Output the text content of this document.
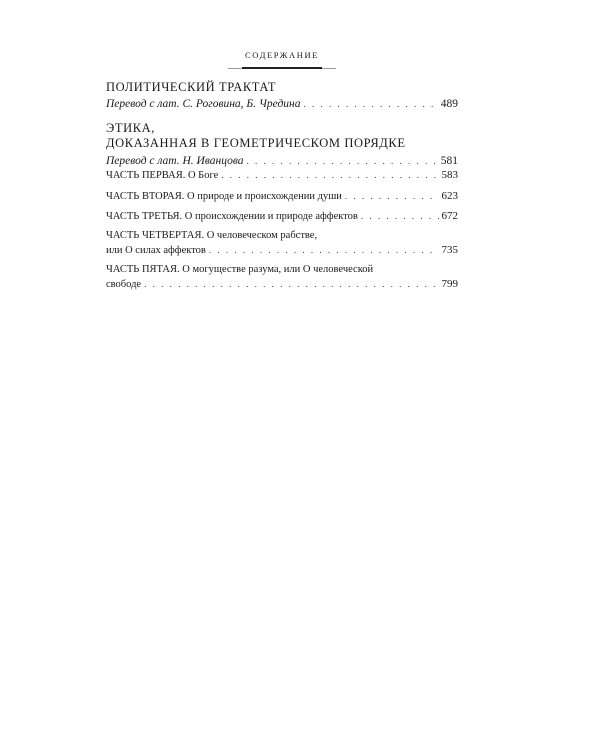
СОДЕРЖАНИЕ
ПОЛИТИЧЕСКИЙ ТРАКТАТ
Перевод с лат. С. Роговина, Б. Чредина . . .	489
ЭТИКА,
ДОКАЗАННАЯ В ГЕОМЕТРИЧЕСКОМ ПОРЯДКЕ
Перевод с лат. Н. Иванцова . . .	581
ЧАСТЬ ПЕРВАЯ. О Боге . . .	583
ЧАСТЬ ВТОРАЯ. О природе и происхождении души . . .	623
ЧАСТЬ ТРЕТЬЯ. О происхождении и природе аффектов . . .	672
ЧАСТЬ ЧЕТВЕРТАЯ. О человеческом рабстве,
или О силах аффектов . . .	735
ЧАСТЬ ПЯТАЯ. О могуществе разума, или О человеческой
свободе . . .	799
